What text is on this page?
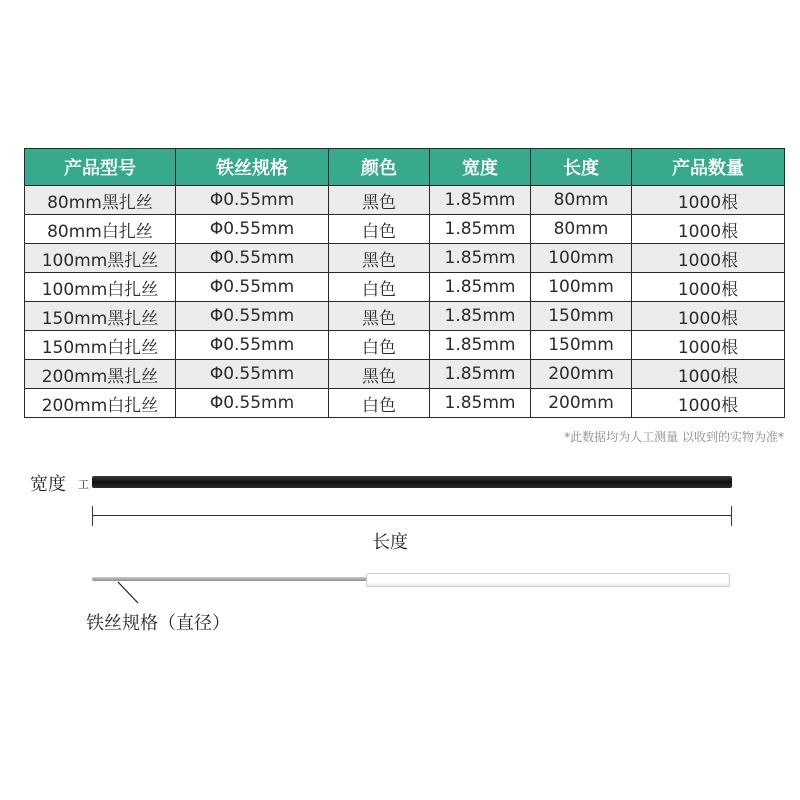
产品型号	铁丝规格	颜色	宽度	长度	产品数量
80mm黑扎丝	Φ0.55mm	黑色	1.85mm	80mm	1000根
80mm白扎丝	Φ0.55mm	白色	1.85mm	80mm	1000根
100mm黑扎丝	Φ0.55mm	黑色	1.85mm	100mm	1000根
100mm白扎丝	Φ0.55mm	白色	1.85mm	100mm	1000根
150mm黑扎丝	Φ0.55mm	黑色	1.85mm	150mm	1000根
150mm白扎丝	Φ0.55mm	白色	1.85mm	150mm	1000根
200mm黑扎丝	Φ0.55mm	黑色	1.85mm	200mm	1000根
200mm白扎丝	Φ0.55mm	白色	1.85mm	200mm	1000根
*此数据均为人工测量 以收到的实物为准*
宽度 工
长度
铁丝规格（直径）
